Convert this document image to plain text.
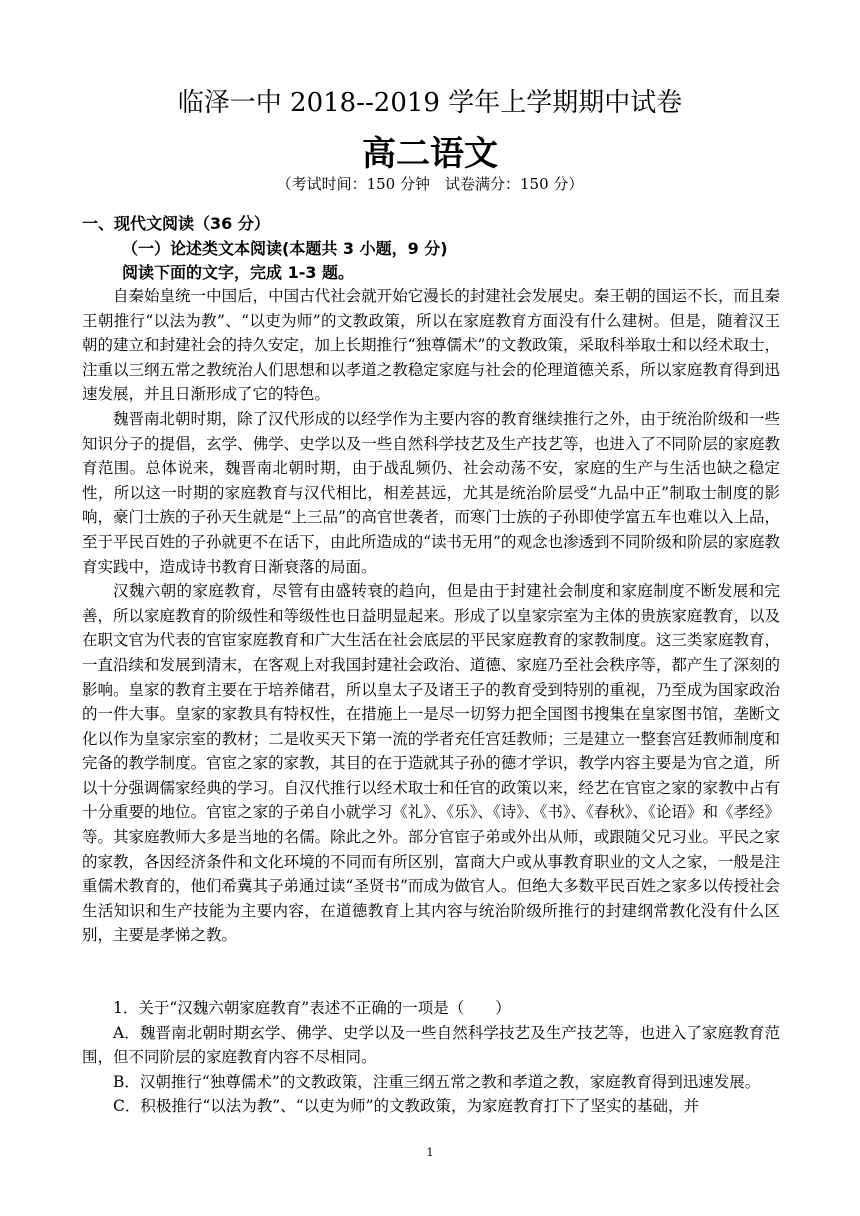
临泽一中 2018--2019 学年上学期期中试卷
高二语文
（考试时间：150 分钟　试卷满分：150 分）
一、现代文阅读（36 分）
（一）论述类文本阅读(本题共 3 小题，9 分)
阅读下面的文字，完成 1-3 题。

自秦始皇统一中国后，中国古代社会就开始它漫长的封建社会发展史。秦王朝的国运不长，而且秦王朝推行“以法为教”、“以吏为师”的文教政策，所以在家庭教育方面没有什么建树。但是，随着汉王朝的建立和封建社会的持久安定，加上长期推行“独尊儒术”的文教政策，采取科举取士和以经术取士，注重以三纲五常之教统治人们思想和以孝道之教稳定家庭与社会的伦理道德关系，所以家庭教育得到迅速发展，并且日渐形成了它的特色。

魏晋南北朝时期，除了汉代形成的以经学作为主要内容的教育继续推行之外，由于统治阶级和一些知识分子的提倡，玄学、佛学、史学以及一些自然科学技艺及生产技艺等，也进入了不同阶层的家庭教育范围。总体说来，魏晋南北朝时期，由于战乱频仍、社会动荡不安，家庭的生产与生活也缺之稳定性，所以这一时期的家庭教育与汉代相比，相差甚远，尤其是统治阶层受“九品中正”制取士制度的影响，豪门士族的子孙天生就是“上三品”的高官世袭者，而寒门士族的子孙即使学富五车也难以入上品，至于平民百姓的子孙就更不在话下，由此所造成的“读书无用”的观念也渗透到不同阶级和阶层的家庭教育实践中，造成诗书教育日渐衰落的局面。

汉魏六朝的家庭教育，尽管有由盛转衰的趋向，但是由于封建社会制度和家庭制度不断发展和完善，所以家庭教育的阶级性和等级性也日益明显起来。形成了以皇家宗室为主体的贵族家庭教育，以及在职文官为代表的官宦家庭教育和广大生活在社会底层的平民家庭教育的家教制度。这三类家庭教育，一直沿续和发展到清末，在客观上对我国封建社会政治、道德、家庭乃至社会秩序等，都产生了深刻的影响。皇家的教育主要在于培养储君，所以皇太子及诸王子的教育受到特别的重视，乃至成为国家政治的一件大事。皇家的家教具有特权性，在措施上一是尽一切努力把全国图书搜集在皇家图书馆，垄断文化以作为皇家宗室的教材；二是收买天下第一流的学者充任宫廷教师；三是建立一整套宫廷教师制度和完备的教学制度。官宦之家的家教，其目的在于造就其子孙的德才学识，教学内容主要是为官之道，所以十分强调儒家经典的学习。自汉代推行以经术取士和任官的政策以来，经艺在官宦之家的家教中占有十分重要的地位。官宦之家的子弟自小就学习《礼》、《乐》、《诗》、《书》、《春秋》、《论语》和《孝经》等。其家庭教师大多是当地的名儒。除此之外。部分官宦子弟或外出从师，或跟随父兄习业。平民之家的家教，各因经济条件和文化环境的不同而有所区别，富商大户或从事教育职业的文人之家，一般是注重儒术教育的，他们希冀其子弟通过读“圣贤书”而成为做官人。但绝大多数平民百姓之家多以传授社会生活知识和生产技能为主要内容，在道德教育上其内容与统治阶级所推行的封建纲常教化没有什么区别，主要是孝悌之教。

1．关于“汉魏六朝家庭教育”表述不正确的一项是（　　）

A．魏晋南北朝时期玄学、佛学、史学以及一些自然科学技艺及生产技艺等，也进入了家庭教育范围，但不同阶层的家庭教育内容不尽相同。

B．汉朝推行“独尊儒术”的文教政策，注重三纲五常之教和孝道之教，家庭教育得到迅速发展。

C．积极推行“以法为教”、“以吏为师”的文教政策，为家庭教育打下了坚实的基础，并

1
